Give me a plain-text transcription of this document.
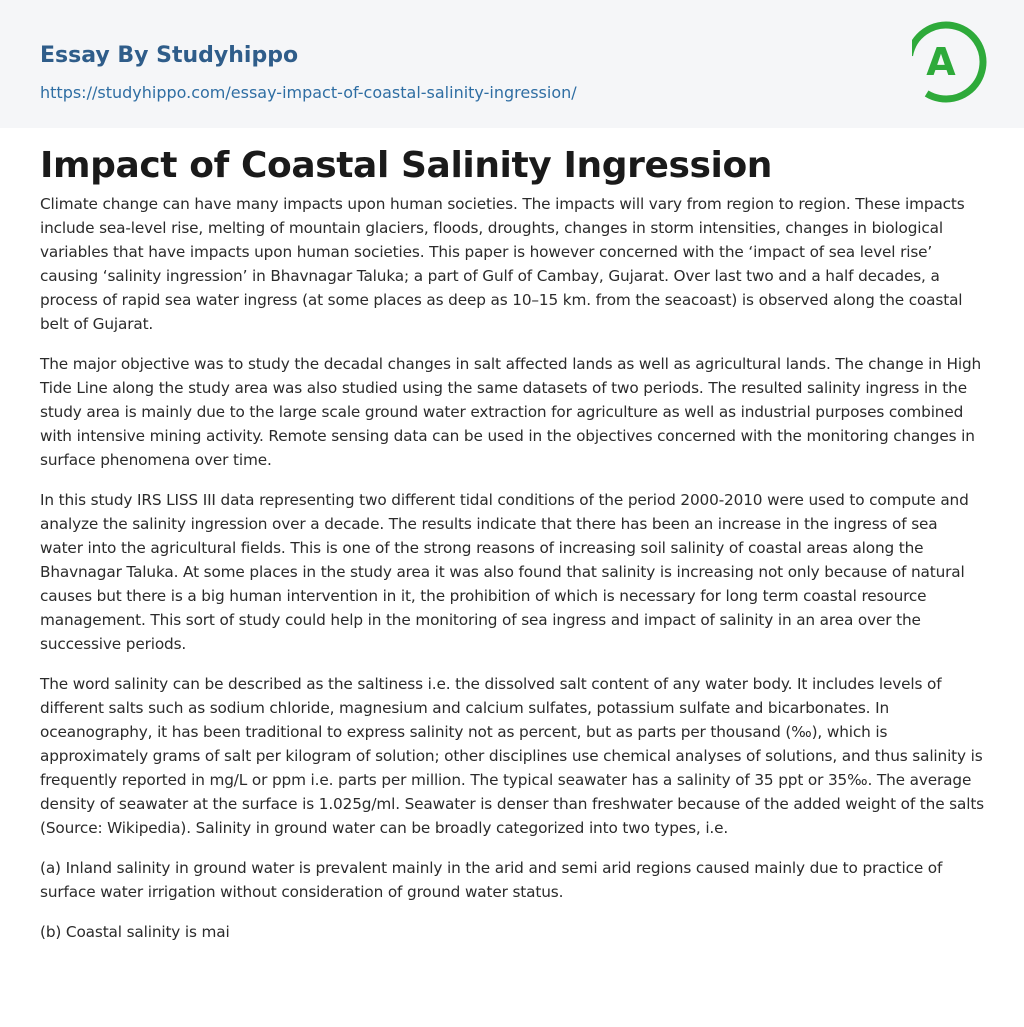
Essay By Studyhippo
https://studyhippo.com/essay-impact-of-coastal-salinity-ingression/
A
Impact of Coastal Salinity Ingression

Climate change can have many impacts upon human societies. The impacts will vary from region to region. These impacts include sea-level rise, melting of mountain glaciers, floods, droughts, changes in storm intensities, changes in biological variables that have impacts upon human societies. This paper is however concerned with the ‘impact of sea level rise’ causing ‘salinity ingression’ in Bhavnagar Taluka; a part of Gulf of Cambay, Gujarat. Over last two and a half decades, a process of rapid sea water ingress (at some places as deep as 10–15 km. from the seacoast) is observed along the coastal belt of Gujarat.

The major objective was to study the decadal changes in salt affected lands as well as agricultural lands. The change in High Tide Line along the study area was also studied using the same datasets of two periods. The resulted salinity ingress in the study area is mainly due to the large scale ground water extraction for agriculture as well as industrial purposes combined with intensive mining activity. Remote sensing data can be used in the objectives concerned with the monitoring changes in surface phenomena over time.

In this study IRS LISS III data representing two different tidal conditions of the period 2000-2010 were used to compute and analyze the salinity ingression over a decade. The results indicate that there has been an increase in the ingress of sea water into the agricultural fields. This is one of the strong reasons of increasing soil salinity of coastal areas along the Bhavnagar Taluka. At some places in the study area it was also found that salinity is increasing not only because of natural causes but there is a big human intervention in it, the prohibition of which is necessary for long term coastal resource management. This sort of study could help in the monitoring of sea ingress and impact of salinity in an area over the successive periods.

The word salinity can be described as the saltiness i.e. the dissolved salt content of any water body. It includes levels of different salts such as sodium chloride, magnesium and calcium sulfates, potassium sulfate and bicarbonates. In oceanography, it has been traditional to express salinity not as percent, but as parts per thousand (‰), which is approximately grams of salt per kilogram of solution; other disciplines use chemical analyses of solutions, and thus salinity is frequently reported in mg/L or ppm i.e. parts per million. The typical seawater has a salinity of 35 ppt or 35‰. The average density of seawater at the surface is 1.025g/ml. Seawater is denser than freshwater because of the added weight of the salts (Source: Wikipedia). Salinity in ground water can be broadly categorized into two types, i.e.

(a) Inland salinity in ground water is prevalent mainly in the arid and semi arid regions caused mainly due to practice of surface water irrigation without consideration of ground water status.

(b) Coastal salinity is mai
